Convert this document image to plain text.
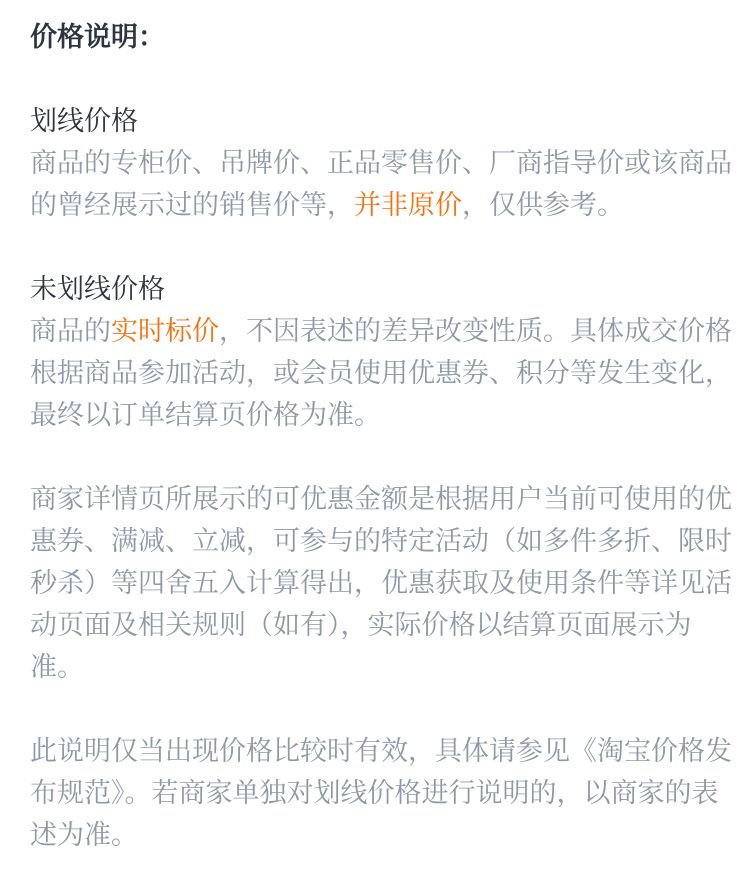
价格说明：
划线价格
商品的专柜价、吊牌价、正品零售价、厂商指导价或该商品
的曾经展示过的销售价等，并非原价，仅供参考。
未划线价格
商品的实时标价，不因表述的差异改变性质。具体成交价格
根据商品参加活动，或会员使用优惠券、积分等发生变化，
最终以订单结算页价格为准。
商家详情页所展示的可优惠金额是根据用户当前可使用的优
惠券、满减、立减，可参与的特定活动（如多件多折、限时
秒杀）等四舍五入计算得出，优惠获取及使用条件等详见活
动页面及相关规则（如有），实际价格以结算页面展示为
准。
此说明仅当出现价格比较时有效，具体请参见《淘宝价格发
布规范》。若商家单独对划线价格进行说明的，以商家的表
述为准。
